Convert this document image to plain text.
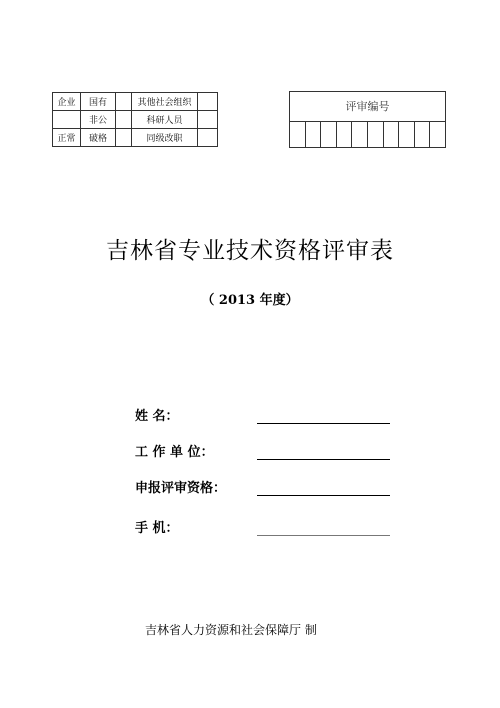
企业	国有		其他社会组织	
	非公		科研人员	
正常	破格		同级改职	
评审编号
吉林省专业技术资格评审表
（ 2013 年度）
姓 名：
工 作 单 位：
申报评审资格：
手 机：
吉林省人力资源和社会保障厅 制
